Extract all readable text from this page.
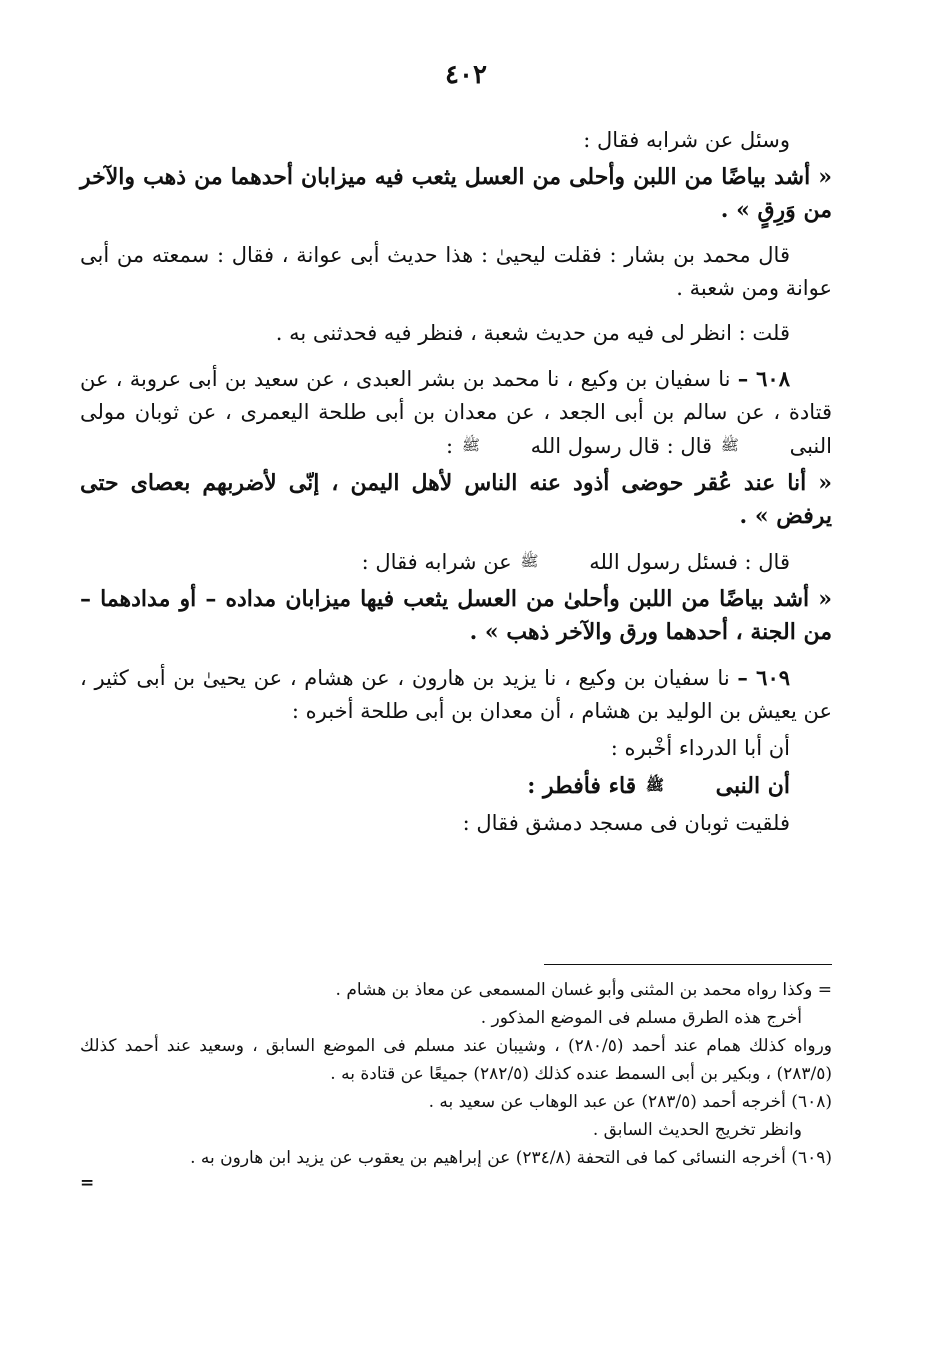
٤٠٢

وسئل عن شرابه فقال :

« أشد بياضًا من اللبن وأحلى من العسل يثعب فيه ميزابان أحدهما من ذهب والآخر من وَرِقٍ » .

قال محمد بن بشار : فقلت ليحيىٰ : هذا حديث أبى عوانة ، فقال : سمعته من أبى عوانة ومن شعبة .

قلت : انظر لى فيه من حديث شعبة ، فنظر فيه فحدثنى به .

٦٠٨ – نا سفيان بن وكيع ، نا محمد بن بشر العبدى ، عن سعيد بن أبى عروبة ، عن قتادة ، عن سالم بن أبى الجعد ، عن معدان بن أبى طلحة اليعمرى ، عن ثوبان مولى النبى ﷺ قال : قال رسول الله ﷺ :

« أنا عند عُقر حوضى أذود عنه الناس لأهل اليمن ، إنّى لأضربهم بعصاى حتى يرفض » .

قال : فسئل رسول الله ﷺ عن شرابه فقال :

« أشد بياضًا من اللبن وأحلىٰ من العسل يثعب فيها ميزابان مداده – أو مدادهما – من الجنة ، أحدهما ورق والآخر ذهب » .

٦٠٩ – نا سفيان بن وكيع ، نا يزيد بن هارون ، عن هشام ، عن يحيىٰ بن أبى كثير ، عن يعيش بن الوليد بن هشام ، أن معدان بن أبى طلحة أخبره :

أن أبا الدرداء أخْبره :

أن النبى ﷺ قاء فأفطر :

فلقيت ثوبان فى مسجد دمشق فقال :

= وكذا رواه محمد بن المثنى وأبو غسان المسمعى عن معاذ بن هشام .

أخرج هذه الطرق مسلم فى الموضع المذكور .

ورواه كذلك همام عند أحمد (٢٨٠/٥) ، وشيبان عند مسلم فى الموضع السابق ، وسعيد عند أحمد كذلك (٢٨٣/٥) ، وبكير بن أبى السمط عنده كذلك (٢٨٢/٥) جميعًا عن قتادة به .

(٦٠٨) أخرجه أحمد (٢٨٣/٥) عن عبد الوهاب عن سعيد به .

وانظر تخريج الحديث السابق .

(٦٠٩) أخرجه النسائى كما فى التحفة (٢٣٤/٨) عن إبراهيم بن يعقوب عن يزيد ابن هارون به .

=
